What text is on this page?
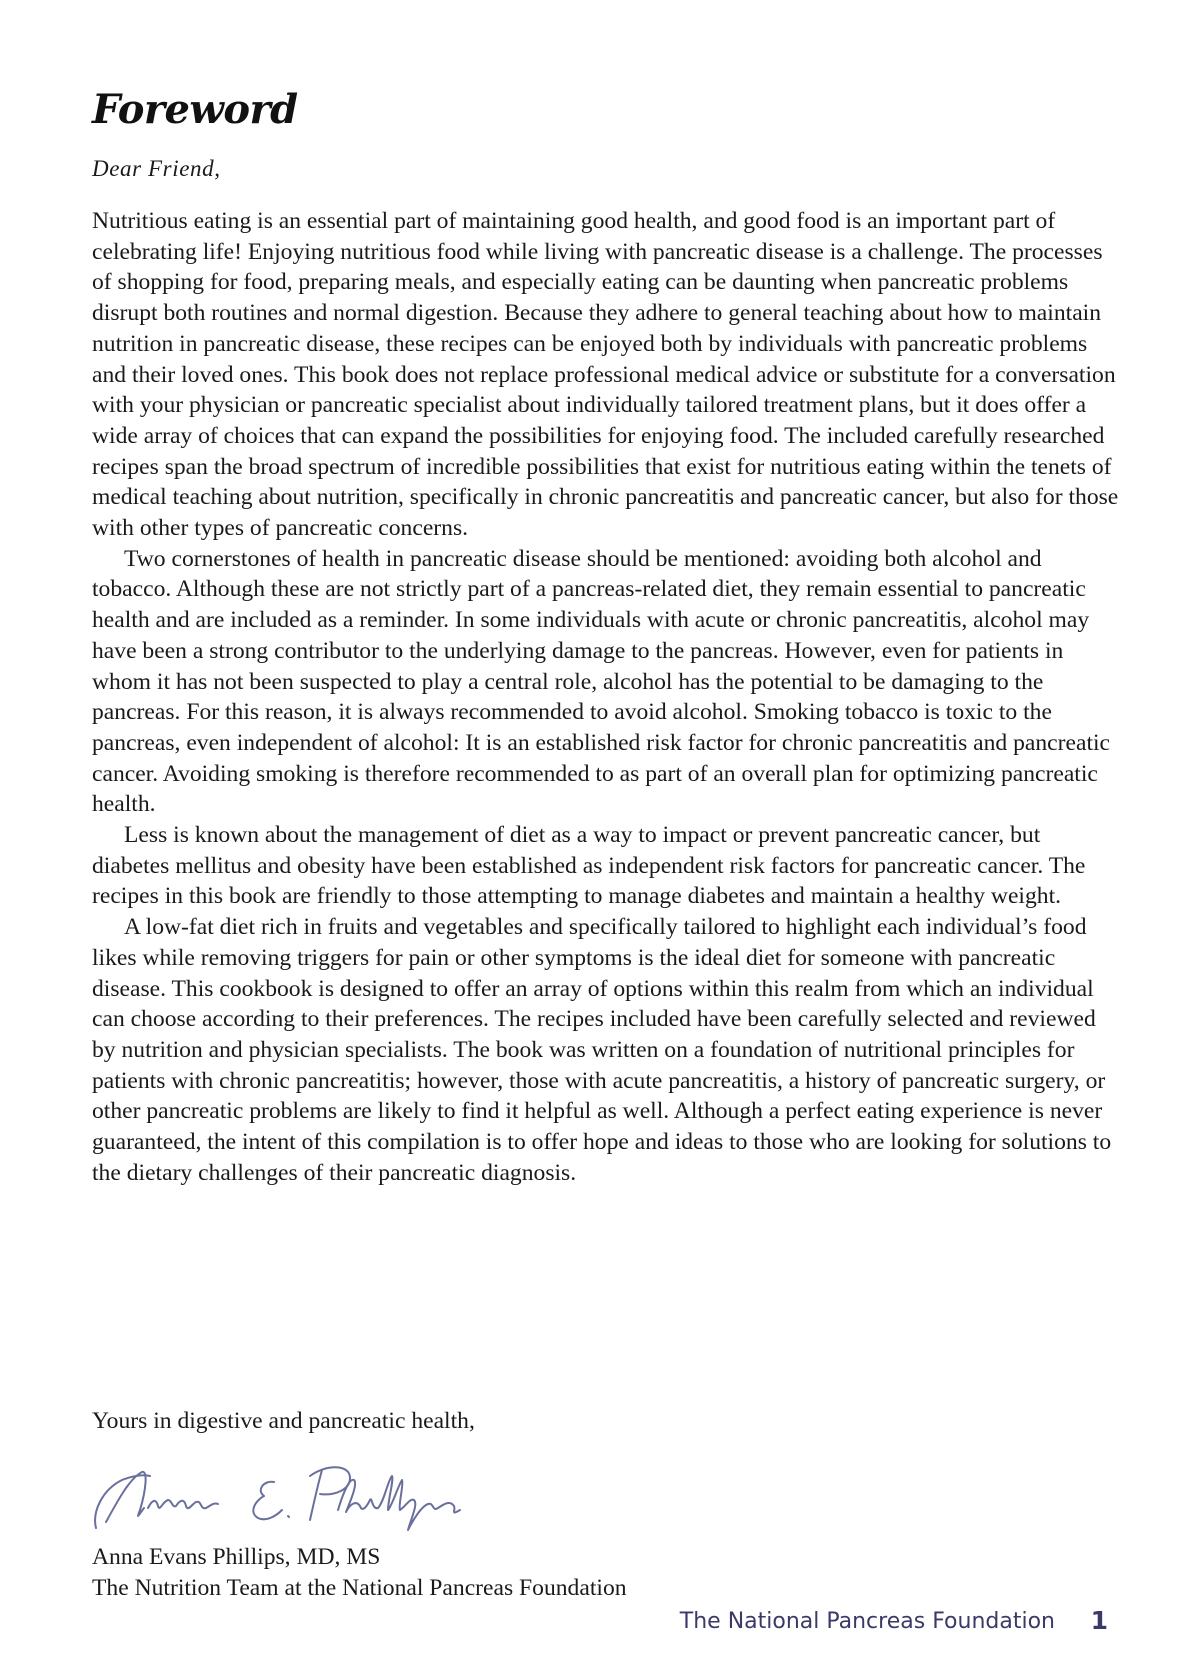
Foreword

Dear Friend,

Nutritious eating is an essential part of maintaining good health, and good food is an important part of celebrating life! Enjoying nutritious food while living with pancreatic disease is a challenge. The processes of shopping for food, preparing meals, and especially eating can be daunting when pancreatic problems disrupt both routines and normal digestion. Because they adhere to general teaching about how to maintain nutrition in pancreatic disease, these recipes can be enjoyed both by individuals with pancreatic problems and their loved ones. This book does not replace professional medical advice or substitute for a conversation with your physician or pancreatic specialist about individually tailored treatment plans, but it does offer a wide array of choices that can expand the possibilities for enjoying food. The included carefully researched recipes span the broad spectrum of incredible possibilities that exist for nutritious eating within the tenets of medical teaching about nutrition, specifically in chronic pancreatitis and pancreatic cancer, but also for those with other types of pancreatic concerns.

Two cornerstones of health in pancreatic disease should be mentioned: avoiding both alcohol and tobacco. Although these are not strictly part of a pancreas-related diet, they remain essential to pancreatic health and are included as a reminder. In some individuals with acute or chronic pancreatitis, alcohol may have been a strong contributor to the underlying damage to the pancreas. However, even for patients in whom it has not been suspected to play a central role, alcohol has the potential to be damaging to the pancreas. For this reason, it is always recommended to avoid alcohol. Smoking tobacco is toxic to the pancreas, even independent of alcohol: It is an established risk factor for chronic pancreatitis and pancreatic cancer. Avoiding smoking is therefore recommended to as part of an overall plan for optimizing pancreatic health.

Less is known about the management of diet as a way to impact or prevent pancreatic cancer, but diabetes mellitus and obesity have been established as independent risk factors for pancreatic cancer. The recipes in this book are friendly to those attempting to manage diabetes and maintain a healthy weight.

A low-fat diet rich in fruits and vegetables and specifically tailored to highlight each individual’s food likes while removing triggers for pain or other symptoms is the ideal diet for someone with pancreatic disease. This cookbook is designed to offer an array of options within this realm from which an individual can choose according to their preferences. The recipes included have been carefully selected and reviewed by nutrition and physician specialists. The book was written on a foundation of nutritional principles for patients with chronic pancreatitis; however, those with acute pancreatitis, a history of pancreatic surgery, or other pancreatic problems are likely to find it helpful as well. Although a perfect eating experience is never guaranteed, the intent of this compilation is to offer hope and ideas to those who are looking for solutions to the dietary challenges of their pancreatic diagnosis.

Yours in digestive and pancreatic health,

Anna Evans Phillips, MD, MS

The Nutrition Team at the National Pancreas Foundation

The National Pancreas Foundation 1
